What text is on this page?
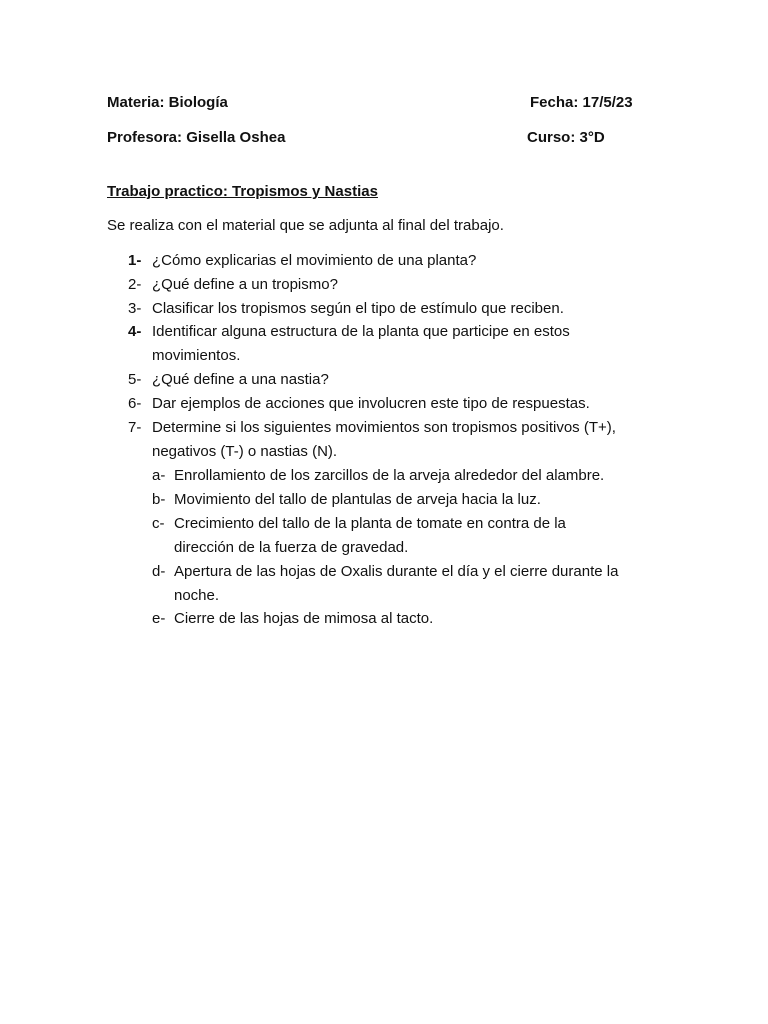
Materia: Biología	Fecha: 17/5/23
Profesora: Gisella Oshea	Curso: 3°D
Trabajo practico: Tropismos y Nastias
Se realiza con el material que se adjunta al final del trabajo.
1- ¿Cómo explicarias el movimiento de una planta?
2- ¿Qué define a un tropismo?
3- Clasificar los tropismos según el tipo de estímulo que reciben.
4- Identificar alguna estructura de la planta que participe en estos
movimientos.
5- ¿Qué define a una nastia?
6- Dar ejemplos de acciones que involucren este tipo de respuestas.
7- Determine si los siguientes movimientos son tropismos positivos (T+),
negativos (T-) o nastias (N).
a- Enrollamiento de los zarcillos de la arveja alrededor del alambre.
b- Movimiento del tallo de plantulas de arveja hacia la luz.
c- Crecimiento del tallo de la planta de tomate en contra de la
dirección de la fuerza de gravedad.
d- Apertura de las hojas de Oxalis durante el día y el cierre durante la
noche.
e- Cierre de las hojas de mimosa al tacto.
